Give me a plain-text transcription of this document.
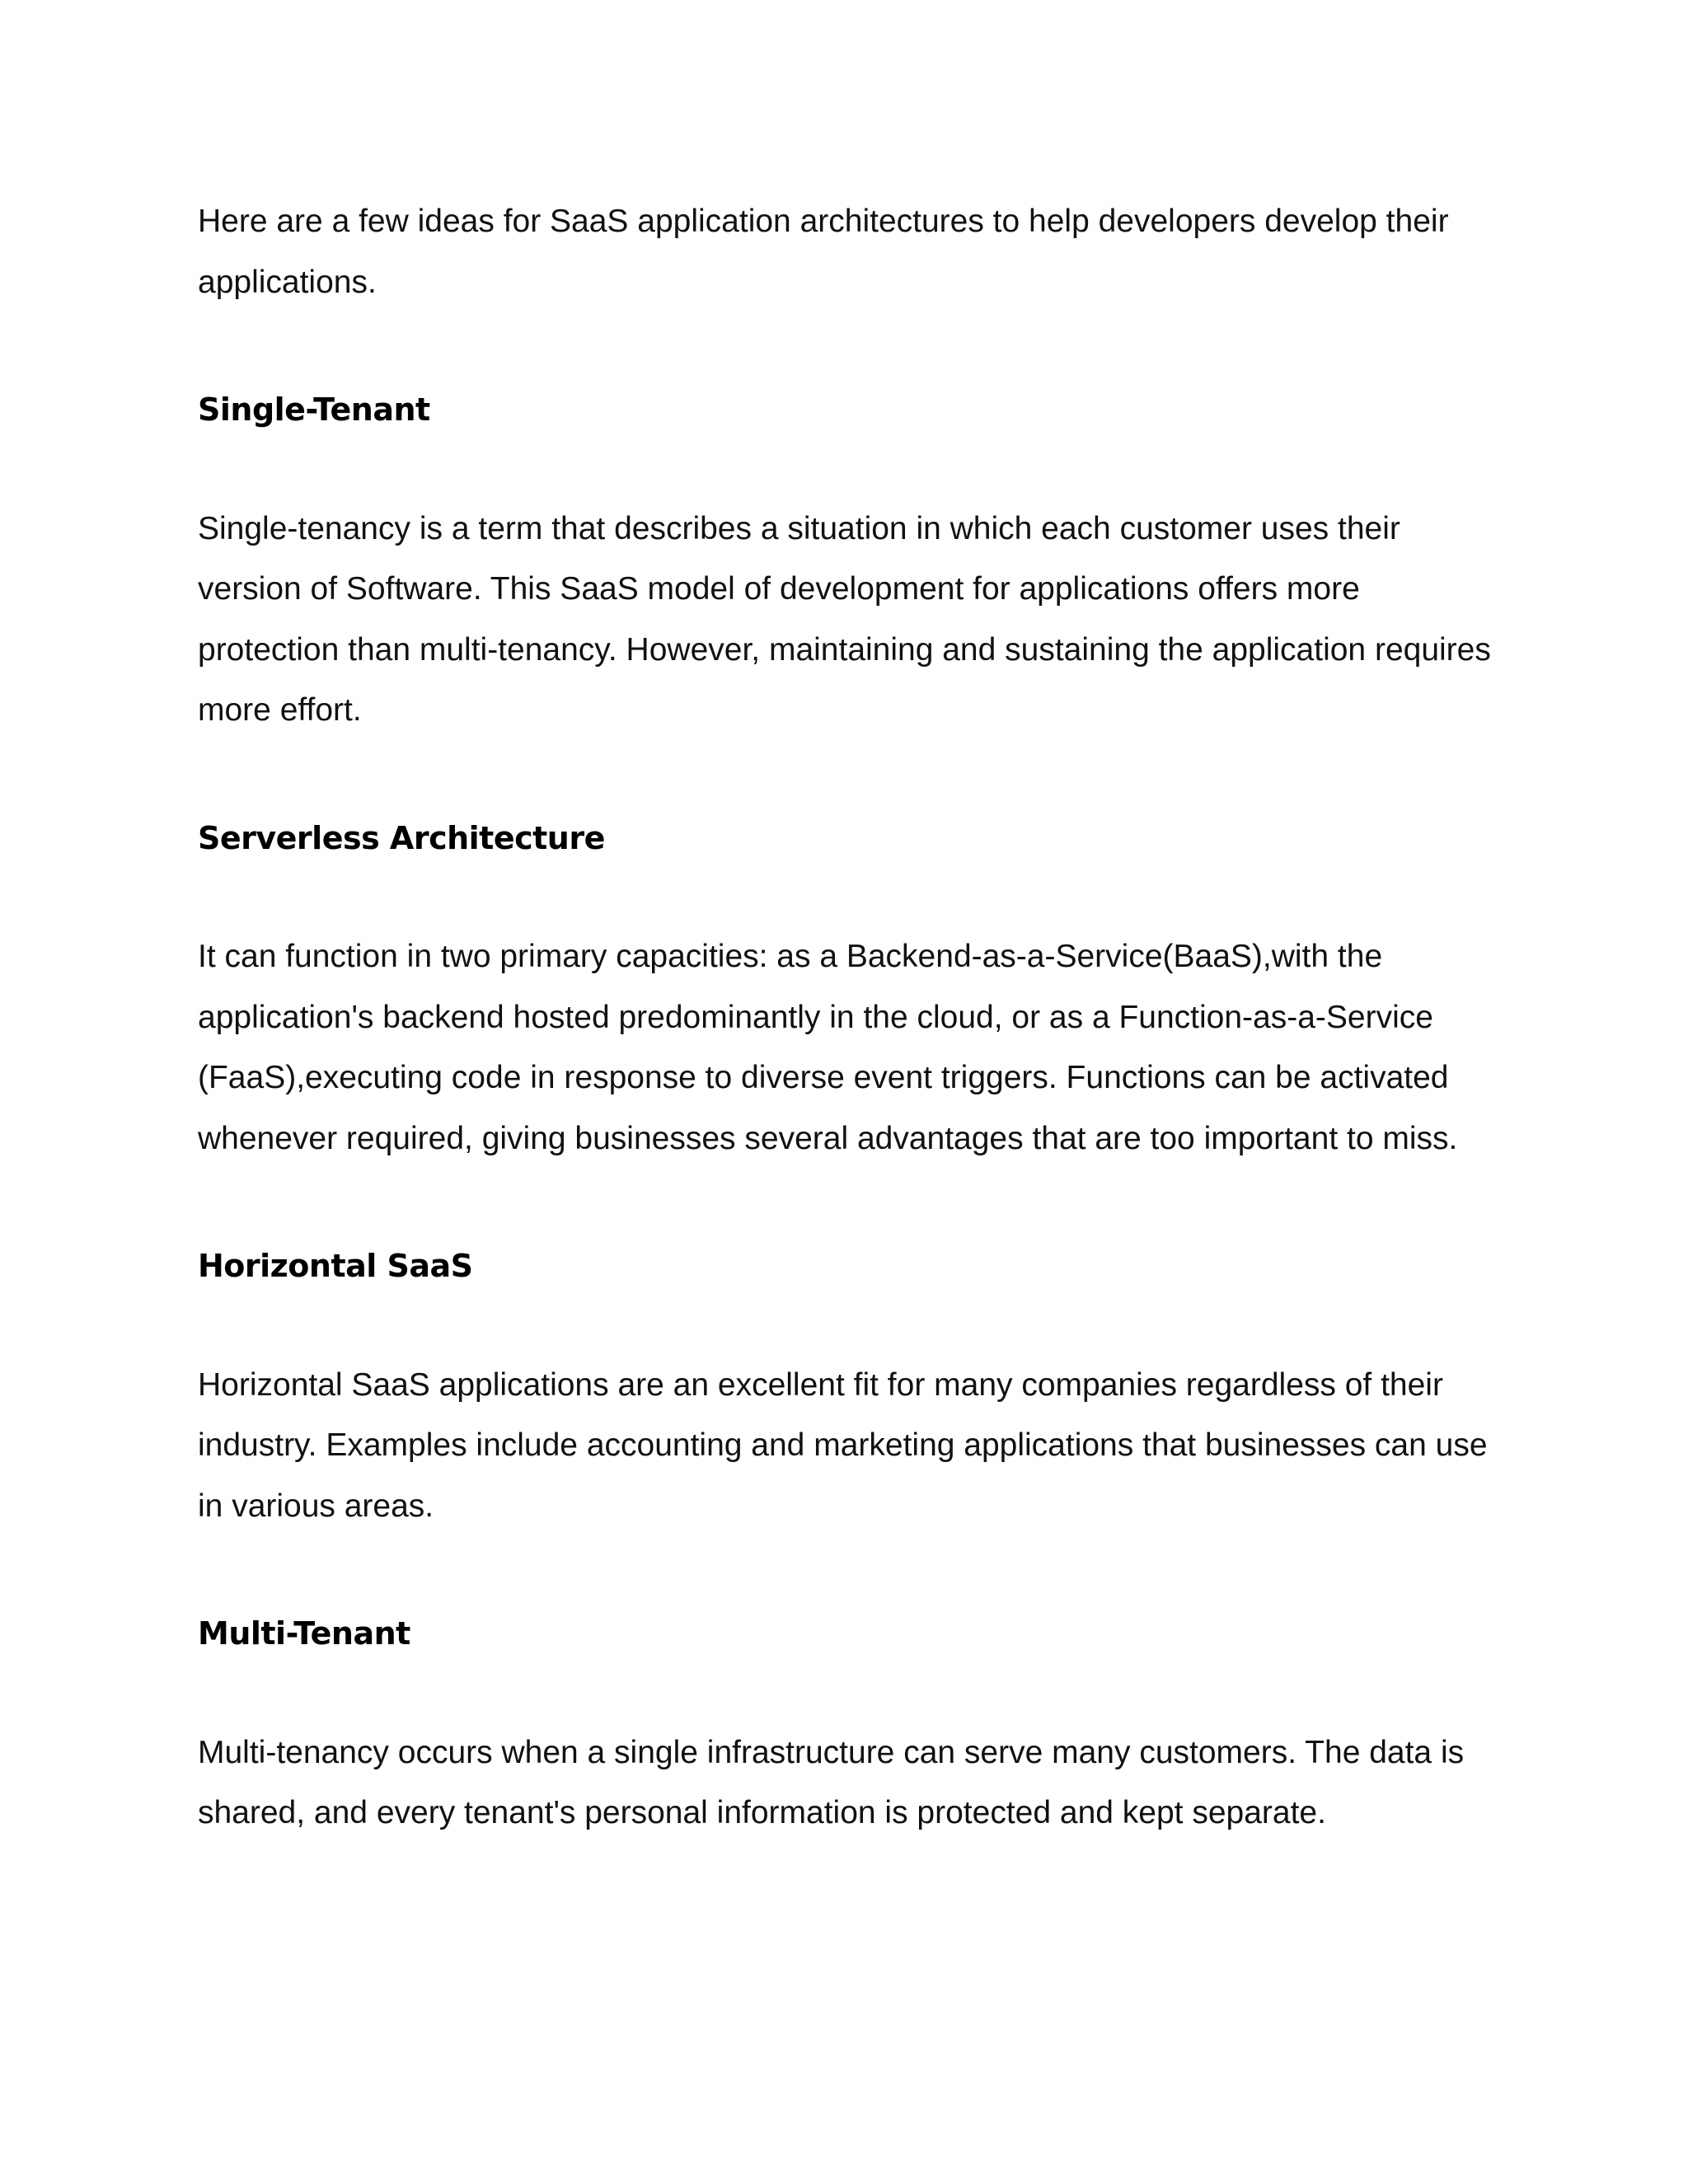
Here are a few ideas for SaaS application architectures to help developers develop their applications.

Single-Tenant

Single-tenancy is a term that describes a situation in which each customer uses their version of Software. This SaaS model of development for applications offers more protection than multi-tenancy. However, maintaining and sustaining the application requires more effort.

Serverless Architecture

It can function in two primary capacities: as a Backend-as-a-Service(BaaS),with the application's backend hosted predominantly in the cloud, or as a Function-as-a-Service (FaaS),executing code in response to diverse event triggers. Functions can be activated whenever required, giving businesses several advantages that are too important to miss.

Horizontal SaaS

Horizontal SaaS applications are an excellent fit for many companies regardless of their industry. Examples include accounting and marketing applications that businesses can use in various areas.

Multi-Tenant

Multi-tenancy occurs when a single infrastructure can serve many customers. The data is shared, and every tenant's personal information is protected and kept separate.
